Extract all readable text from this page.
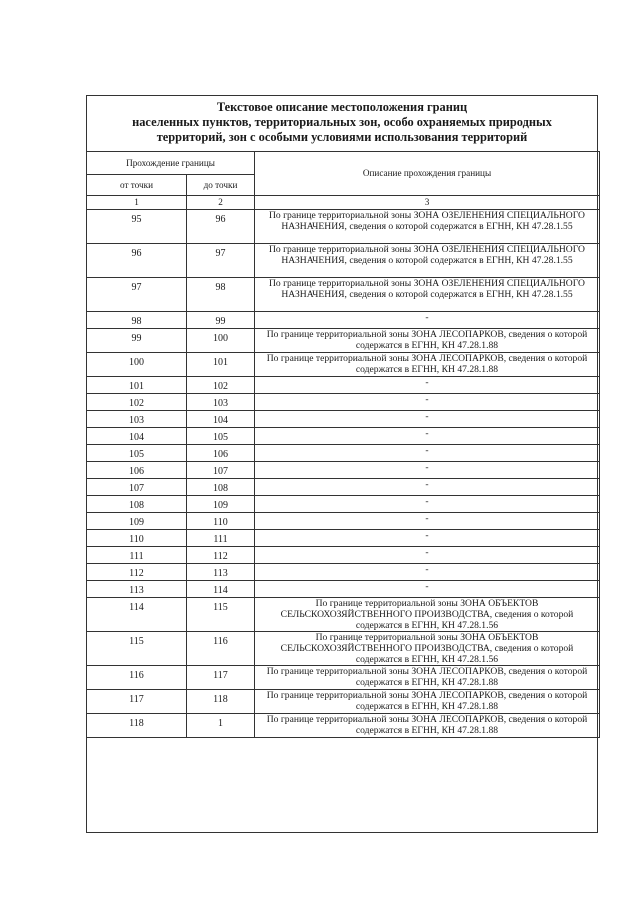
Текстовое описание местоположения границ
населенных пунктов, территориальных зон, особо охраняемых природных
территорий, зон с особыми условиями использования территорий
Прохождение границы		Описание прохождения границы
от точки	до точки	
1	2	3
95	96	По границе территориальной зоны ЗОНА ОЗЕЛЕНЕНИЯ СПЕЦИАЛЬНОГО НАЗНАЧЕНИЯ, сведения о которой содержатся в ЕГНН, КН 47.28.1.55
96	97	По границе территориальной зоны ЗОНА ОЗЕЛЕНЕНИЯ СПЕЦИАЛЬНОГО НАЗНАЧЕНИЯ, сведения о которой содержатся в ЕГНН, КН 47.28.1.55
97	98	По границе территориальной зоны ЗОНА ОЗЕЛЕНЕНИЯ СПЕЦИАЛЬНОГО НАЗНАЧЕНИЯ, сведения о которой содержатся в ЕГНН, КН 47.28.1.55
98	99	-
99	100	По границе территориальной зоны ЗОНА ЛЕСОПАРКОВ, сведения о которой содержатся в ЕГНН, КН 47.28.1.88
100	101	По границе территориальной зоны ЗОНА ЛЕСОПАРКОВ, сведения о которой содержатся в ЕГНН, КН 47.28.1.88
101	102	-
102	103	-
103	104	-
104	105	-
105	106	-
106	107	-
107	108	-
108	109	-
109	110	-
110	111	-
111	112	-
112	113	-
113	114	-
114	115	По границе территориальной зоны ЗОНА ОБЪЕКТОВ СЕЛЬСКОХОЗЯЙСТВЕННОГО ПРОИЗВОДСТВА, сведения о которой содержатся в ЕГНН, КН 47.28.1.56
115	116	По границе территориальной зоны ЗОНА ОБЪЕКТОВ СЕЛЬСКОХОЗЯЙСТВЕННОГО ПРОИЗВОДСТВА, сведения о которой содержатся в ЕГНН, КН 47.28.1.56
116	117	По границе территориальной зоны ЗОНА ЛЕСОПАРКОВ, сведения о которой содержатся в ЕГНН, КН 47.28.1.88
117	118	По границе территориальной зоны ЗОНА ЛЕСОПАРКОВ, сведения о которой содержатся в ЕГНН, КН 47.28.1.88
118	1	По границе территориальной зоны ЗОНА ЛЕСОПАРКОВ, сведения о которой содержатся в ЕГНН, КН 47.28.1.88
